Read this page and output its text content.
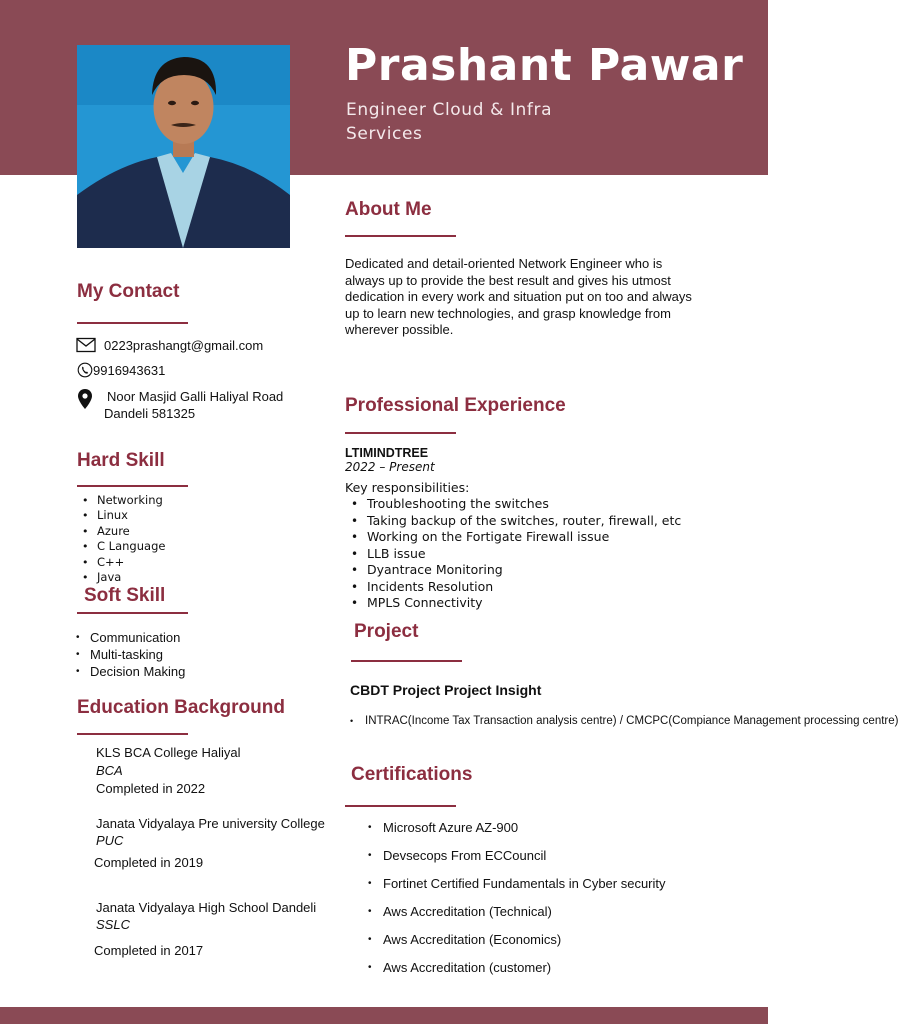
Prashant Pawar
Engineer Cloud & Infra Services
My Contact
0223prashangt@gmail.com
9916943631
Noor Masjid Galli Haliyal Road
Dandeli 581325
Hard Skill
• Networking
• Linux
• Azure
• C Language
• C++
• Java
Soft Skill
• Communication
• Multi-tasking
• Decision Making
Education Background
KLS BCA College Haliyal
BCA
Completed in 2022
Janata Vidyalaya Pre university College
PUC
Completed in 2019
Janata Vidyalaya High School Dandeli
SSLC
Completed in 2017
About Me
Dedicated and detail-oriented Network Engineer who is always up to provide the best result and gives his utmost dedication in every work and situation put on too and always up to learn new technologies, and grasp knowledge from wherever possible.
Professional Experience
LTIMINDTREE
2022 – Present
Key responsibilities:
• Troubleshooting the switches
• Taking backup of the switches, router, firewall, etc
• Working on the Fortigate Firewall issue
• LLB issue
• Dyantrace Monitoring
• Incidents Resolution
• MPLS Connectivity
Project
CBDT Project Project Insight
• INTRAC(Income Tax Transaction analysis centre) / CMCPC(Compiance Management processing centre)
Certifications
• Microsoft Azure AZ-900
• Devsecops From ECCouncil
• Fortinet Certified Fundamentals in Cyber security
• Aws Accreditation (Technical)
• Aws Accreditation (Economics)
• Aws Accreditation (customer)
